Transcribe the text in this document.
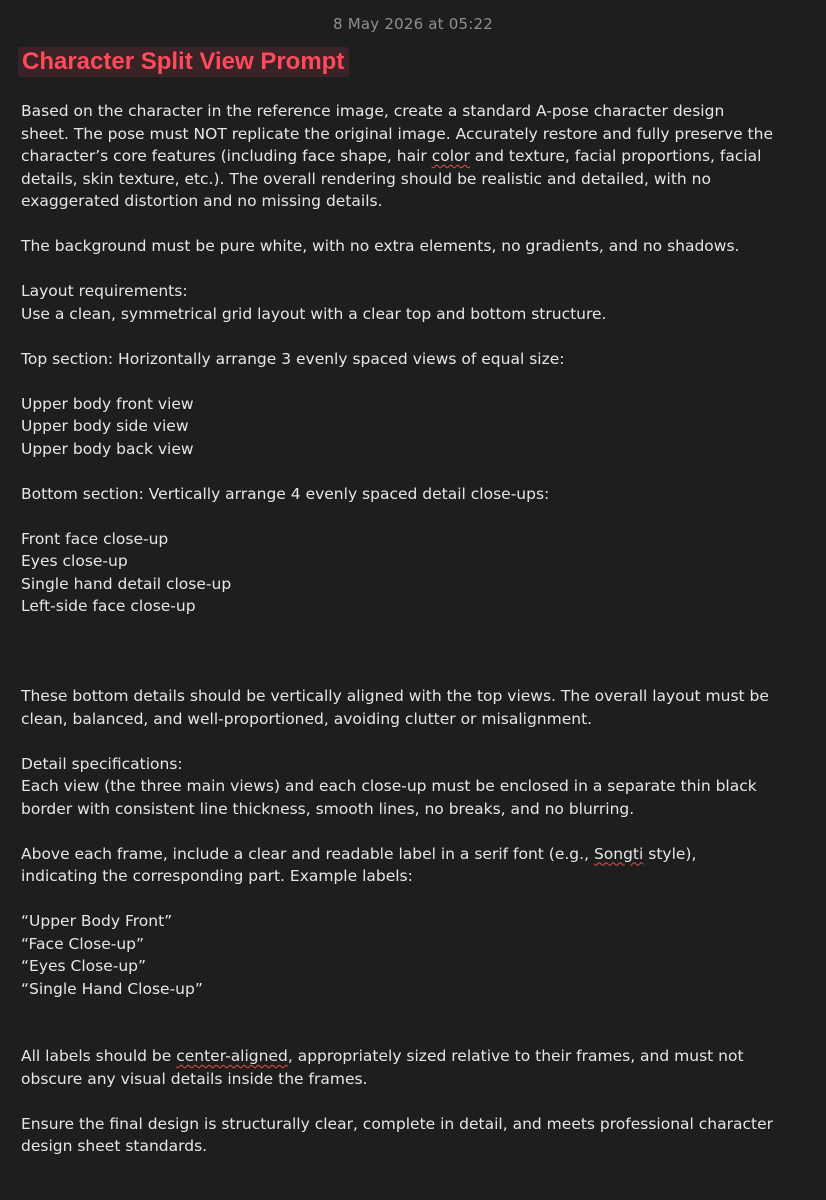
8 May 2026 at 05:22
Character Split View Prompt
Based on the character in the reference image, create a standard A-pose character design
sheet. The pose must NOT replicate the original image. Accurately restore and fully preserve the
character’s core features (including face shape, hair color and texture, facial proportions, facial
details, skin texture, etc.). The overall rendering should be realistic and detailed, with no
exaggerated distortion and no missing details.
The background must be pure white, with no extra elements, no gradients, and no shadows.
Layout requirements:
Use a clean, symmetrical grid layout with a clear top and bottom structure.
Top section: Horizontally arrange 3 evenly spaced views of equal size:
Upper body front view
Upper body side view
Upper body back view
Bottom section: Vertically arrange 4 evenly spaced detail close-ups:
Front face close-up
Eyes close-up
Single hand detail close-up
Left-side face close-up
These bottom details should be vertically aligned with the top views. The overall layout must be
clean, balanced, and well-proportioned, avoiding clutter or misalignment.
Detail specifications:
Each view (the three main views) and each close-up must be enclosed in a separate thin black
border with consistent line thickness, smooth lines, no breaks, and no blurring.
Above each frame, include a clear and readable label in a serif font (e.g., Songti style),
indicating the corresponding part. Example labels:
“Upper Body Front”
“Face Close-up”
“Eyes Close-up”
“Single Hand Close-up”
All labels should be center-aligned, appropriately sized relative to their frames, and must not
obscure any visual details inside the frames.
Ensure the final design is structurally clear, complete in detail, and meets professional character
design sheet standards.
